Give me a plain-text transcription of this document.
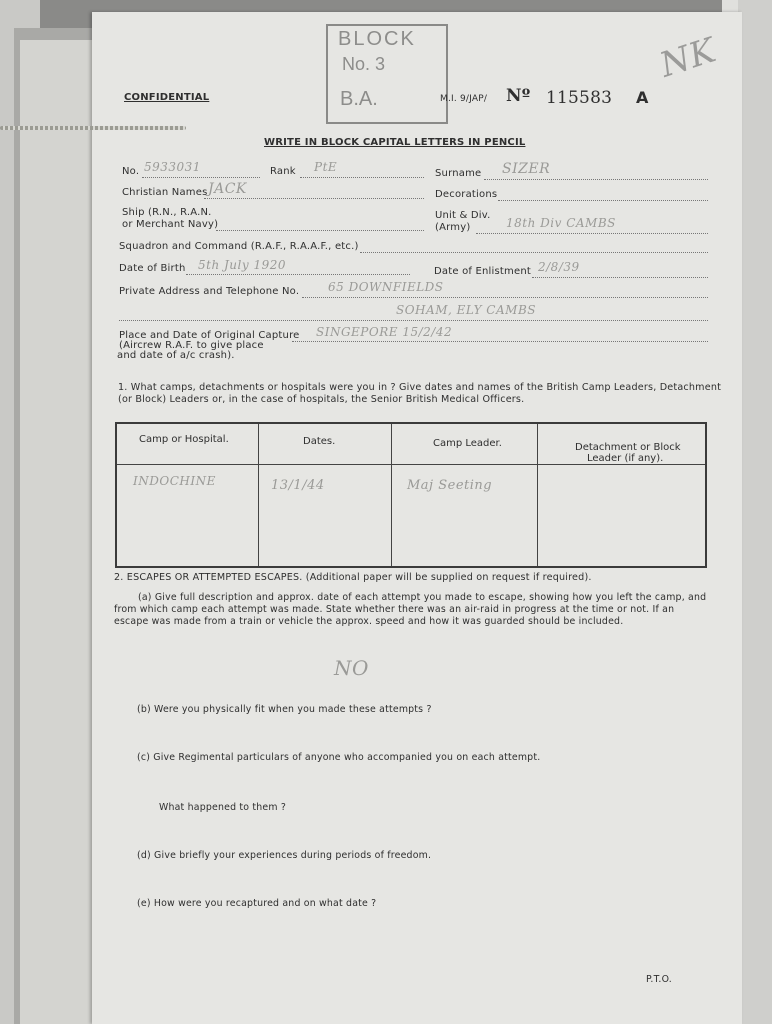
BLOCK
No. 3
B.A.
CONFIDENTIAL	M.I. 9/JAP/ Nº 115583 A
NK
WRITE IN BLOCK CAPITAL LETTERS IN PENCIL
No. 5933031	Rank PtE	Surname SIZER
Christian Names JACK	Decorations
Ship (R.N., R.A.N.
or Merchant Navy)
Unit & Div.
(Army)	18th Div CAMBS
Squadron and Command (R.A.F., R.A.A.F., etc.)
Date of Birth 5th July 1920	Date of Enlistment 2/8/39
Private Address and Telephone No. 65 DOWNFIELDS
SOHAM, ELY CAMBS
Place and Date of Original Capture
(Aircrew R.A.F. to give place
and date of a/c crash).
SINGEPORE 15/2/42
1. What camps, detachments or hospitals were you in ? Give dates and names of the British Camp Leaders, Detachment
(or Block) Leaders or, in the case of hospitals, the Senior British Medical Officers.
Camp or Hospital.	Dates.	Camp Leader.	Detachment or Block
Leader (if any).
INDOCHINE	13/1/44	Maj Seeting
2. ESCAPES OR ATTEMPTED ESCAPES. (Additional paper will be supplied on request if required).
(a) Give full description and approx. date of each attempt you made to escape, showing how you left the camp, and
from which camp each attempt was made. State whether there was an air-raid in progress at the time or not. If an
escape was made from a train or vehicle the approx. speed and how it was guarded should be included.
NO
(b) Were you physically fit when you made these attempts ?
(c) Give Regimental particulars of anyone who accompanied you on each attempt.
What happened to them ?
(d) Give briefly your experiences during periods of freedom.
(e) How were you recaptured and on what date ?
P.T.O.
